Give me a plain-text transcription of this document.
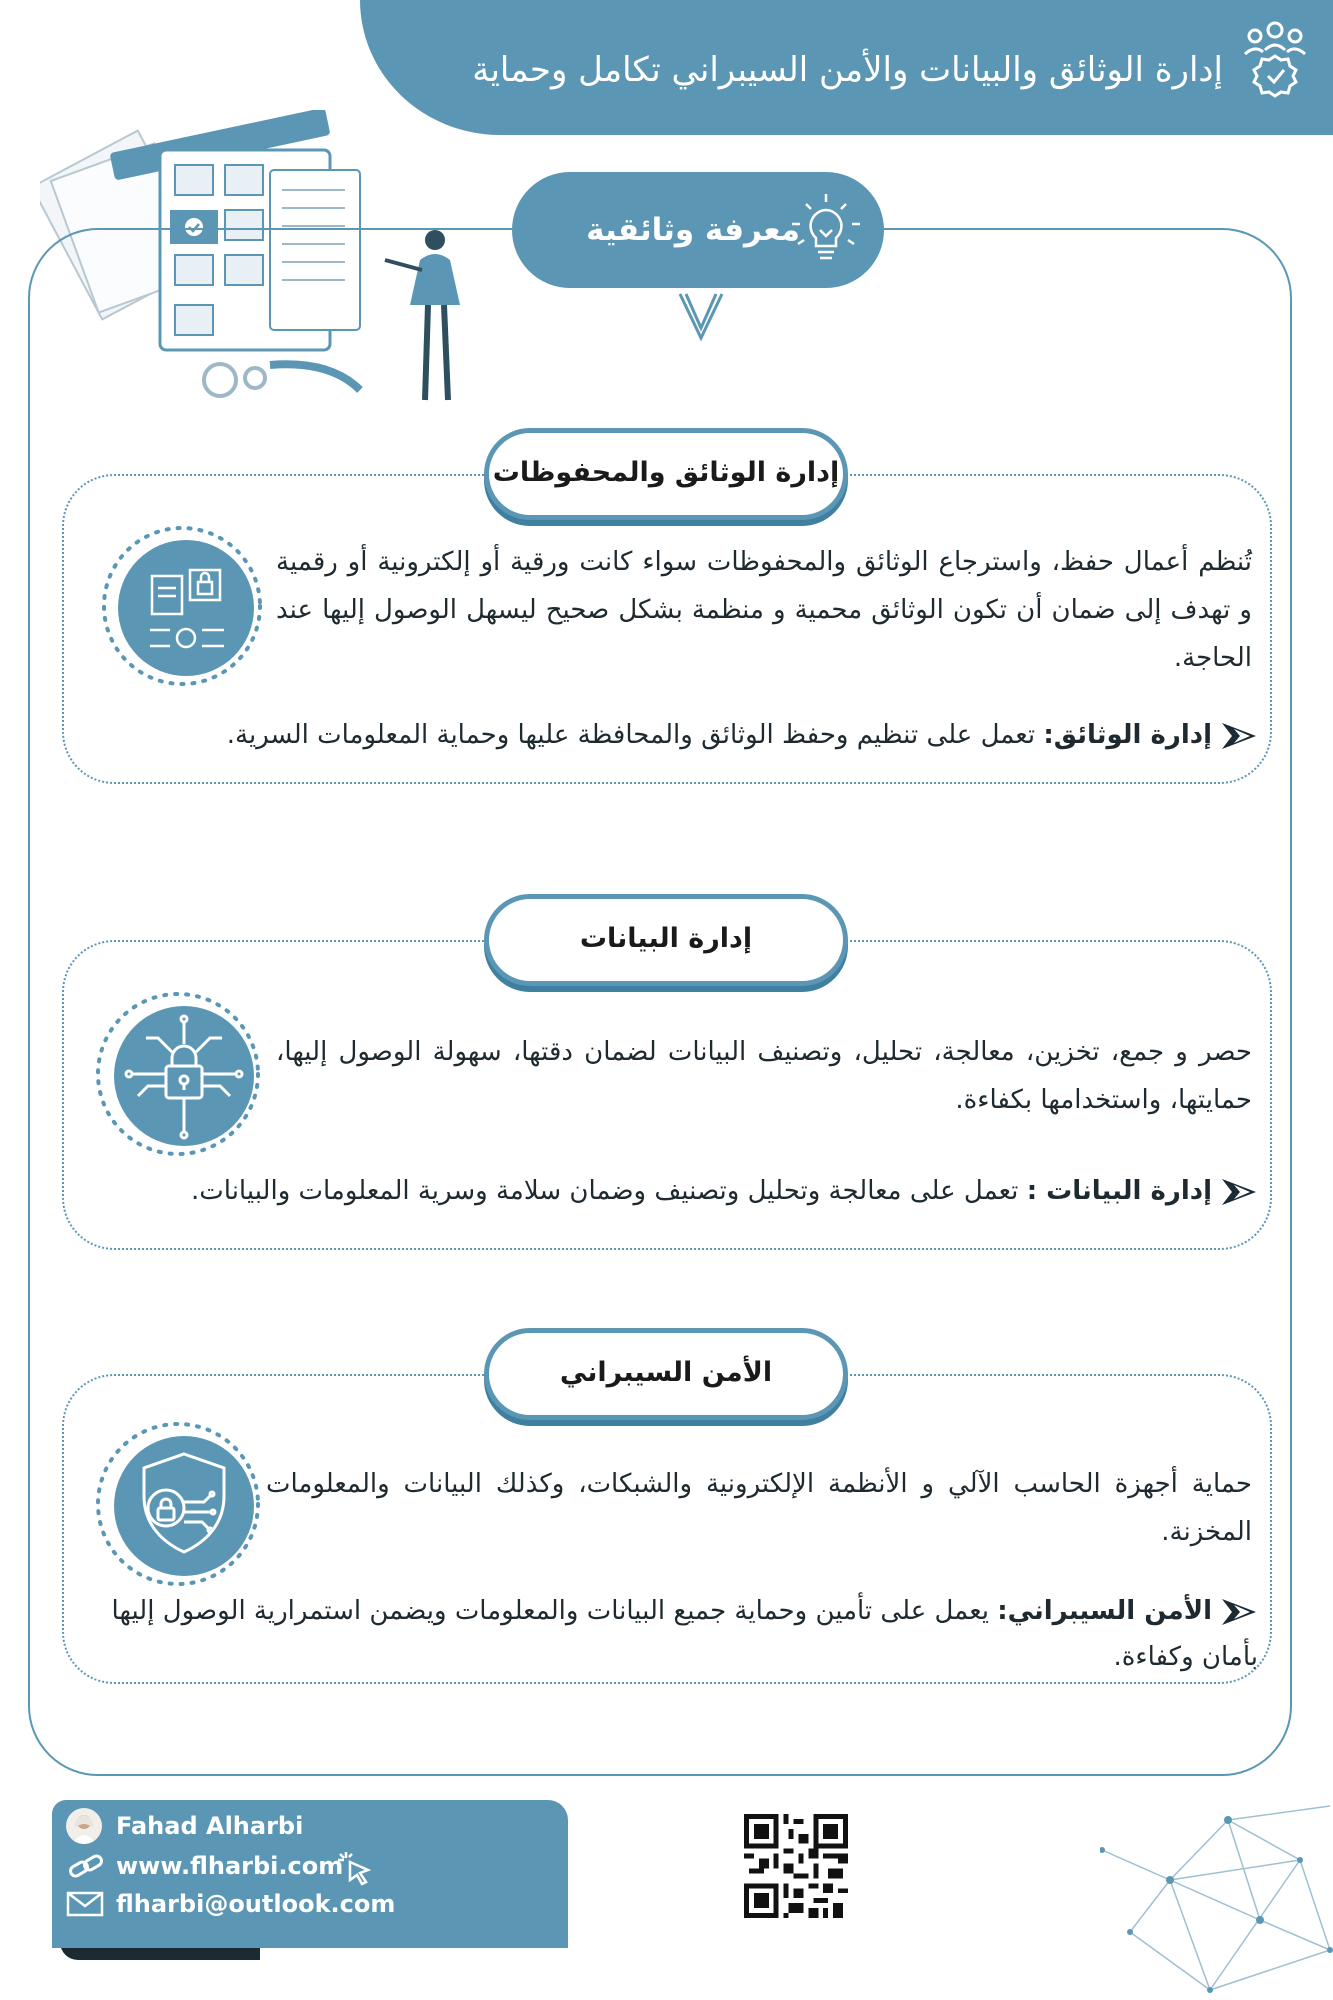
إدارة الوثائق والبيانات والأمن السيبراني تكامل وحماية
معرفة وثائقية
إدارة الوثائق والمحفوظات
تُنظم أعمال حفظ، واسترجاع الوثائق والمحفوظات سواء كانت ورقية أو إلكترونية أو رقمية و تهدف إلى ضمان أن تكون الوثائق محمية و منظمة بشكل صحيح ليسهل الوصول إليها عند الحاجة.
إدارة الوثائق: تعمل على تنظيم وحفظ الوثائق والمحافظة عليها وحماية المعلومات السرية.
إدارة البيانات
حصر و جمع، تخزين، معالجة، تحليل، وتصنيف البيانات لضمان دقتها، سهولة الوصول إليها، حمايتها، واستخدامها بكفاءة.
إدارة البيانات : تعمل على معالجة وتحليل وتصنيف وضمان سلامة وسرية المعلومات والبيانات.
الأمن السيبراني
حماية أجهزة الحاسب الآلي و الأنظمة الإلكترونية والشبكات، وكذلك البيانات والمعلومات المخزنة.
الأمن السيبراني: يعمل على تأمين وحماية جميع البيانات والمعلومات ويضمن استمرارية الوصول إليها بأمان وكفاءة.
Fahad Alharbi
www.flharbi.com
flharbi@outlook.com
